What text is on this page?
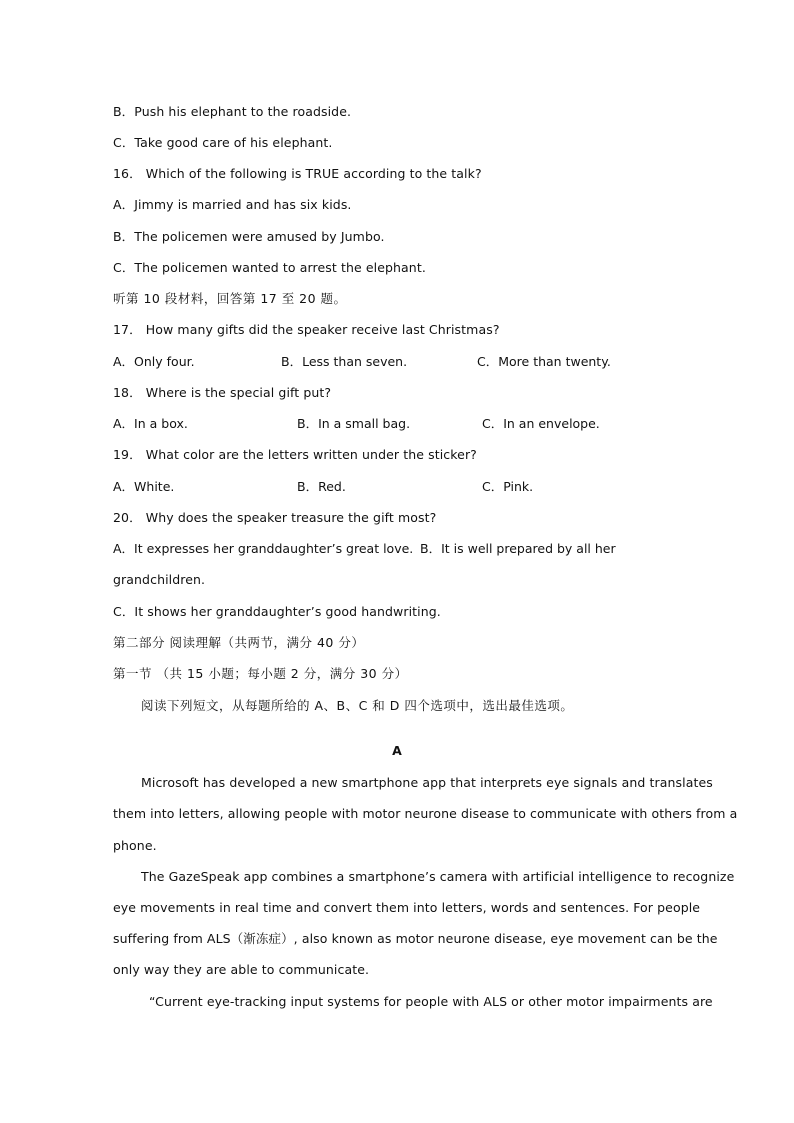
B．Push his elephant to the roadside.
C．Take good care of his elephant.
16． Which of the following is TRUE according to the talk?
A．Jimmy is married and has six kids.
B．The policemen were amused by Jumbo.
C．The policemen wanted to arrest the elephant.
听第 10 段材料，回答第 17 至 20 题。
17． How many gifts did the speaker receive last Christmas?
A．Only four.	B．Less than seven.	C．More than twenty.
18． Where is the special gift put?
A．In a box.	B．In a small bag.	C．In an envelope.
19． What color are the letters written under the sticker?
A．White.	B．Red.	C．Pink.
20． Why does the speaker treasure the gift most?
A．It expresses her granddaughter’s great love. B．It is well prepared by all her
grandchildren.
C．It shows her granddaughter’s good handwriting.
第二部分 阅读理解（共两节，满分 40 分）
第一节 （共 15 小题；每小题 2 分，满分 30 分）
阅读下列短文，从每题所给的 A、B、C 和 D 四个选项中，选出最佳选项。
A
Microsoft has developed a new smartphone app that interprets eye signals and translates
them into letters, allowing people with motor neurone disease to communicate with others from a
phone.
The GazeSpeak app combines a smartphone’s camera with artificial intelligence to recognize
eye movements in real time and convert them into letters, words and sentences. For people
suffering from ALS（渐冻症）, also known as motor neurone disease, eye movement can be the
only way they are able to communicate.
“Current eye-tracking input systems for people with ALS or other motor impairments are
